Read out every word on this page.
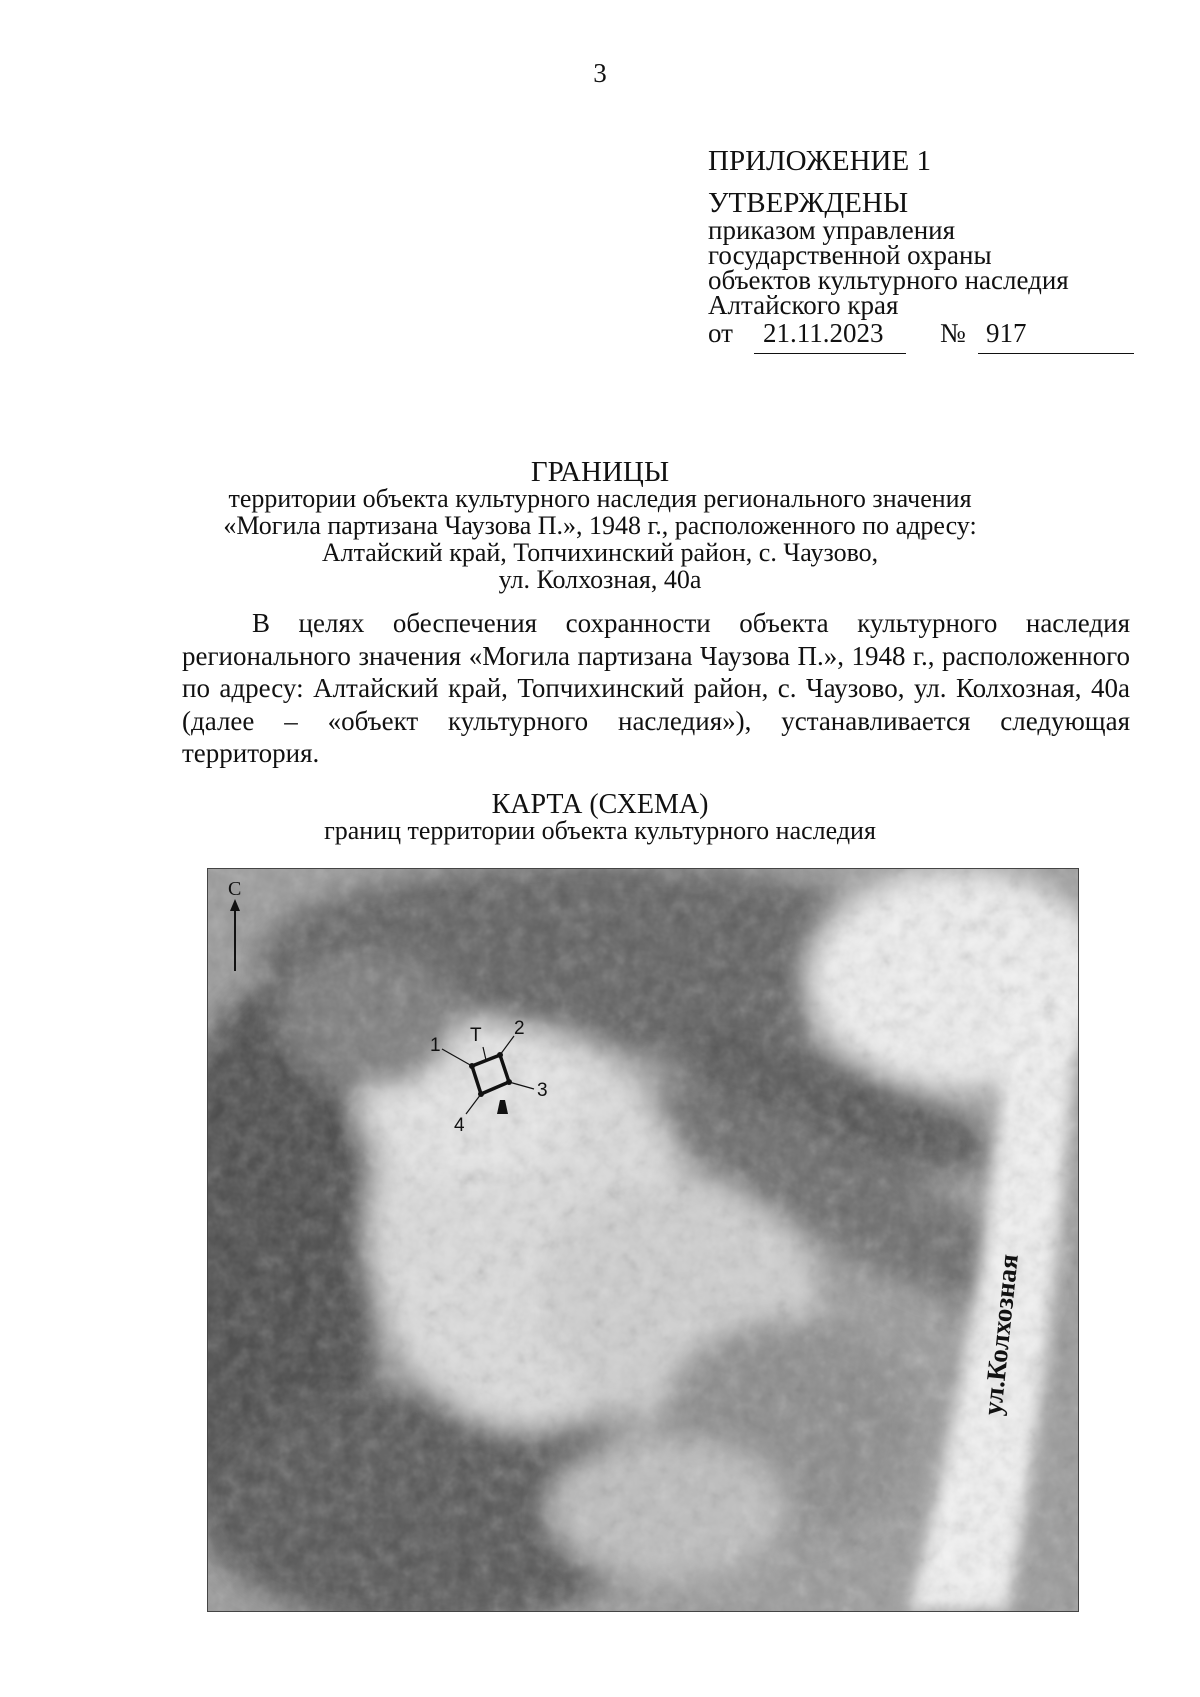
3
ПРИЛОЖЕНИЕ 1
УТВЕРЖДЕНЫ
приказом управления
государственной охраны
объектов культурного наследия
Алтайского края
от 21.11.2023 № 917
ГРАНИЦЫ
территории объекта культурного наследия регионального значения
«Могила партизана Чаузова П.», 1948 г., расположенного по адресу:
Алтайский край, Топчихинский район, с. Чаузово,
ул. Колхозная, 40а
В целях обеспечения сохранности объекта культурного наследия регионального значения «Могила партизана Чаузова П.», 1948 г., расположенного по адресу: Алтайский край, Топчихинский район, с. Чаузово, ул. Колхозная, 40а (далее – «объект культурного наследия»), устанавливается следующая территория.
КАРТА (СХЕМА)
границ территории объекта культурного наследия
С
Т
1
2
3
4
ул.Колхозная
